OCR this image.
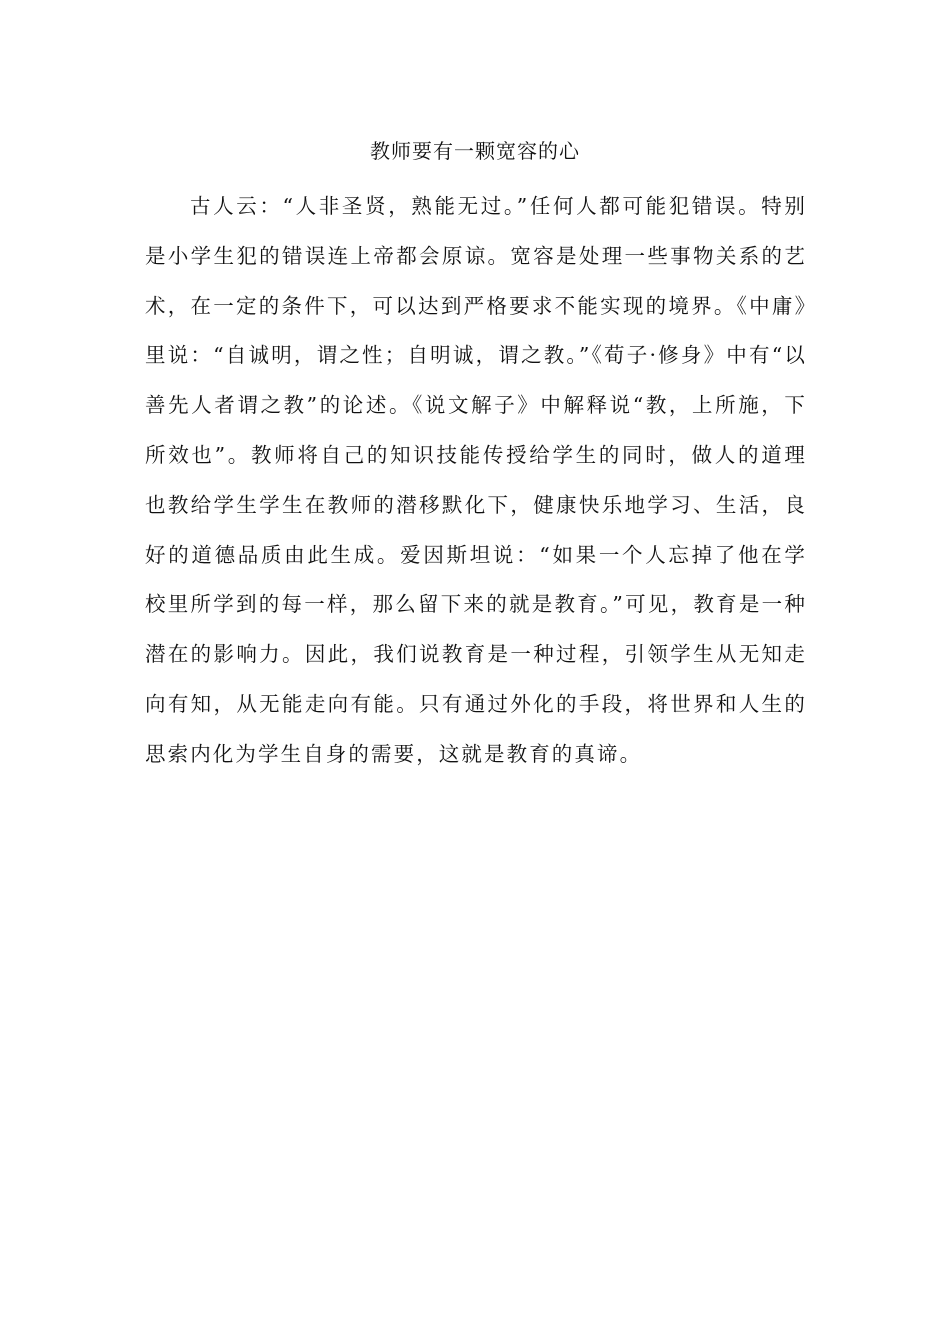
教师要有一颗宽容的心

古人云：“人非圣贤，熟能无过。”任何人都可能犯错误。特别是小学生犯的错误连上帝都会原谅。宽容是处理一些事物关系的艺术，在一定的条件下，可以达到严格要求不能实现的境界。《中庸》里说：“自诚明，谓之性；自明诚，谓之教。”《荀子·修身》中有“以善先人者谓之教”的论述。《说文解子》中解释说“教，上所施，下所效也”。教师将自己的知识技能传授给学生的同时，做人的道理也教给学生学生在教师的潜移默化下，健康快乐地学习、生活，良好的道德品质由此生成。爱因斯坦说：“如果一个人忘掉了他在学校里所学到的每一样，那么留下来的就是教育。”可见，教育是一种潜在的影响力。因此，我们说教育是一种过程，引领学生从无知走向有知，从无能走向有能。只有通过外化的手段，将世界和人生的思索内化为学生自身的需要，这就是教育的真谛。
